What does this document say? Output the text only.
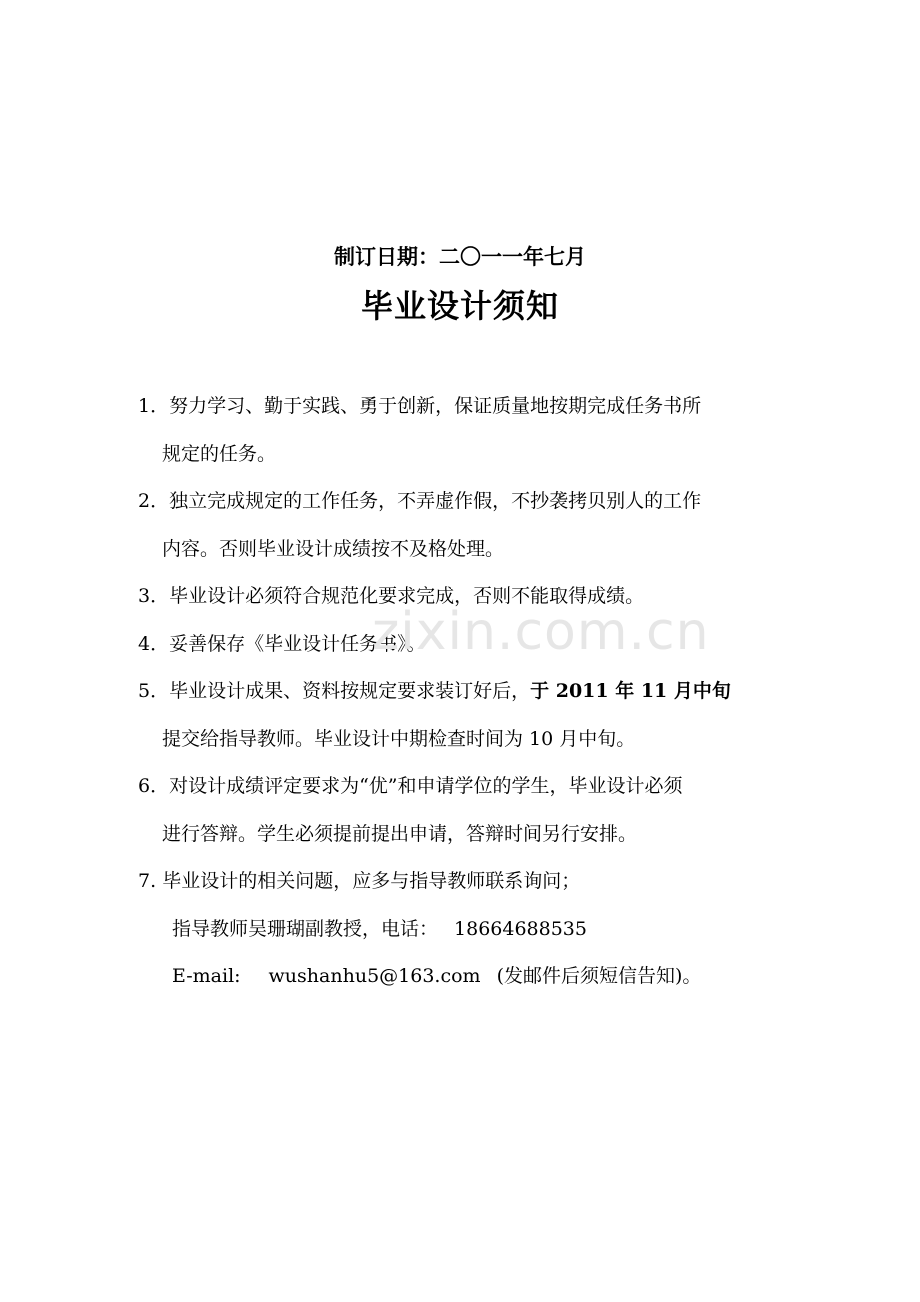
制订日期：二〇一一年七月
毕业设计须知
1．努力学习、勤于实践、勇于创新，保证质量地按期完成任务书所
规定的任务。
2．独立完成规定的工作任务，不弄虚作假，不抄袭拷贝别人的工作
内容。否则毕业设计成绩按不及格处理。
3．毕业设计必须符合规范化要求完成，否则不能取得成绩。
4．妥善保存《毕业设计任务书》。
5．毕业设计成果、资料按规定要求装订好后，于 2011 年 11 月中旬
提交给指导教师。毕业设计中期检查时间为 10 月中旬。
6．对设计成绩评定要求为“优”和申请学位的学生，毕业设计必须
进行答辩。学生必须提前提出申请，答辩时间另行安排。
7. 毕业设计的相关问题，应多与指导教师联系询问；
指导教师吴珊瑚副教授，电话： 18664688535
E-mail: wushanhu5@163.com (发邮件后须短信告知)。
zixin.com.cn
